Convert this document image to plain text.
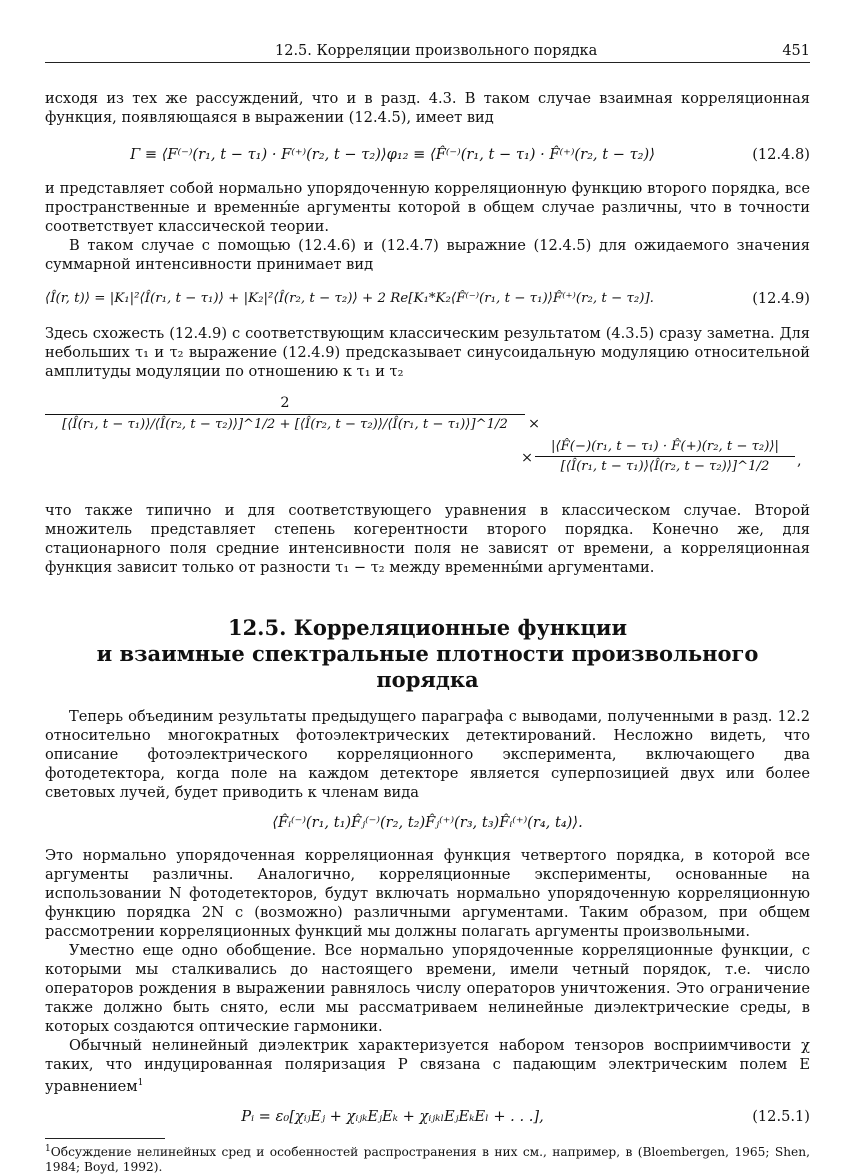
12.5. Корреляции произвольного порядка	451

исходя из тех же рассуждений, что и в разд. 4.3. В таком случае взаимная корреляционная функция, появляющаяся в выражении (12.4.5), имеет вид

Γ ≡ ⟨F⁽⁻⁾(r₁, t − τ₁) · F⁽⁺⁾(r₂, t − τ₂)⟩φ₁₂ ≡ ⟨F̂⁽⁻⁾(r₁, t − τ₁) · F̂⁽⁺⁾(r₂, t − τ₂)⟩	(12.4.8)

и представляет собой нормально упорядоченную корреляционную функцию второго порядка, все пространственные и временны́е аргументы которой в общем случае различны, что в точности соответствует классической теории.

В таком случае с помощью (12.4.6) и (12.4.7) выражние (12.4.5) для ожидаемого значения суммарной интенсивности принимает вид

⟨Î(r, t)⟩ = |K₁|²⟨Î(r₁, t − τ₁)⟩ + |K₂|²⟨Î(r₂, t − τ₂)⟩ + 2 Re[K₁*K₂⟨F̂⁽⁻⁾(r₁, t − τ₁)⟩F̂⁽⁺⁾(r₂, t − τ₂)].	(12.4.9)

Здесь схожесть (12.4.9) с соответствующим классическим результатом (4.3.5) сразу заметна. Для небольших τ₁ и τ₂ выражение (12.4.9) предсказывает синусоидальную модуляцию относительной амплитуды модуляции по отношению к τ₁ и τ₂

2
[⟨Î(r₁, t − τ₁)⟩/⟨Î(r₂, t − τ₂)⟩]^1/2 + [⟨Î(r₂, t − τ₂)⟩/⟨Î(r₁, t − τ₁)⟩]^1/2	×
× $\frac{\text{|⟨F̂(−)(r₁, t − τ₁) · F̂(+)(r₂, t − τ₂)⟩|}}{\text{[⟨Î(r₁, t − τ₁)⟩⟨Î(r₂, t − τ₂)⟩]\textasciicircum{}1/2}}$ ,

что также типично и для соответствующего уравнения в классическом случае. Второй множитель представляет степень когерентности второго порядка. Конечно же, для стационарного поля средние интенсивности поля не зависят от времени, а корреляционная функция зависит только от разности τ₁ − τ₂ между временны́ми аргументами.

12.5. Корреляционные функции
и взаимные спектральные плотности произвольного порядка

Теперь объединим результаты предыдущего параграфа с выводами, полученными в разд. 12.2 относительно многократных фотоэлектрических детектирований. Несложно видеть, что описание фотоэлектрического корреляционного эксперимента, включающего два фотодетектора, когда поле на каждом детекторе является суперпозицией двух или более световых лучей, будет приводить к членам вида

⟨F̂ᵢ⁽⁻⁾(r₁, t₁)F̂ⱼ⁽⁻⁾(r₂, t₂)F̂ⱼ⁽⁺⁾(r₃, t₃)F̂ᵢ⁽⁺⁾(r₄, t₄)⟩.

Это нормально упорядоченная корреляционная функция четвертого порядка, в которой все аргументы различны. Аналогично, корреляционные эксперименты, основанные на использовании N фотодетекторов, будут включать нормально упорядоченную корреляционную функцию порядка 2N с (возможно) различными аргументами. Таким образом, при общем рассмотрении корреляционных функций мы должны полагать аргументы произвольными.

Уместно еще одно обобщение. Все нормально упорядоченные корреляционные функции, с которыми мы сталкивались до настоящего времени, имели четный порядок, т.е. число операторов рождения в выражении равнялось числу операторов уничтожения. Это ограничение также должно быть снято, если мы рассматриваем нелинейные диэлектрические среды, в которых создаются оптические гармоники.

Обычный нелинейный диэлектрик характеризуется набором тензоров восприимчивости χ таких, что индуцированная поляризация P связана с падающим электрическим полем E уравнением$^1$

Pᵢ = ε₀[χᵢⱼEⱼ + χᵢⱼₖEⱼEₖ + χᵢⱼₖₗEⱼEₖEₗ + . . .],	(12.5.1)
$^1$Обсуждение нелинейных сред и особенностей распространения в них см., например, в (Bloembergen, 1965; Shen, 1984; Boyd, 1992).
